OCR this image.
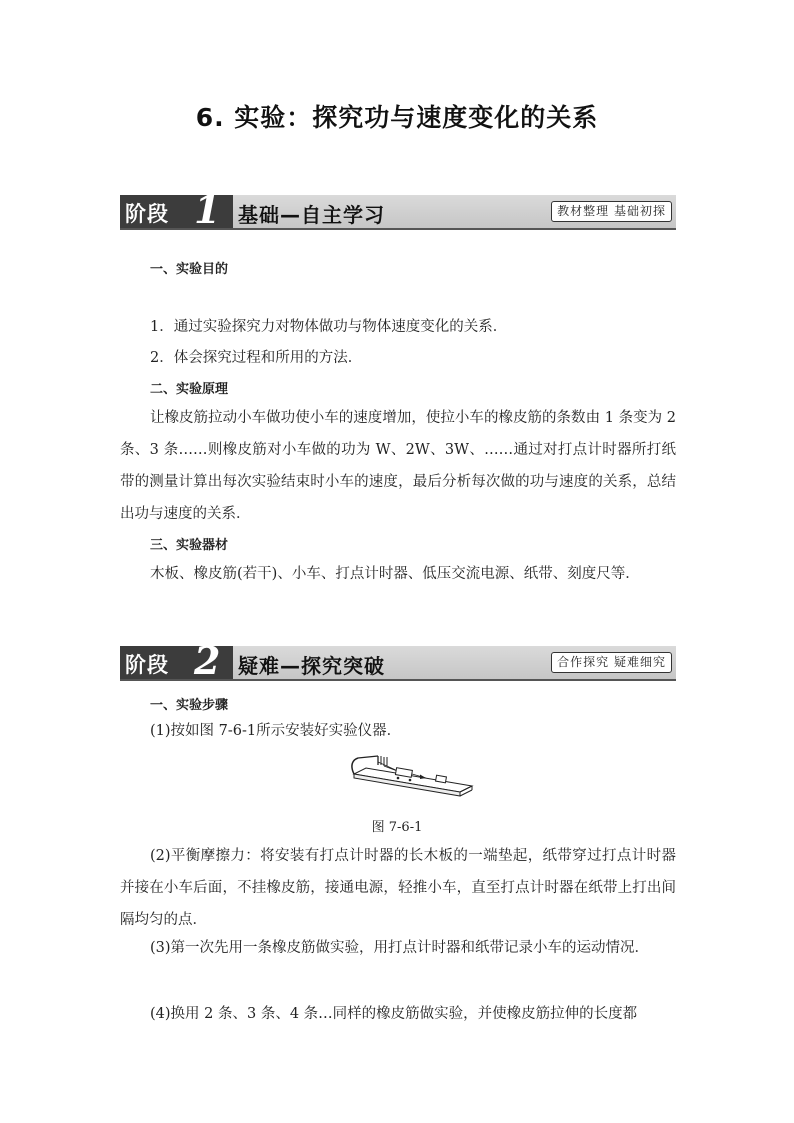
6. 实验：探究功与速度变化的关系
阶段 1 基础—自主学习	教材整理 基础初探
一、实验目的
1．通过实验探究力对物体做功与物体速度变化的关系．
2．体会探究过程和所用的方法．
二、实验原理
让橡皮筋拉动小车做功使小车的速度增加，使拉小车的橡皮筋的条数由 1 条变为 2 条、3 条……则橡皮筋对小车做的功为 W、2W、3W、……通过对打点计时器所打纸带的测量计算出每次实验结束时小车的速度，最后分析每次做的功与速度的关系，总结出功与速度的关系．
三、实验器材
木板、橡皮筋(若干)、小车、打点计时器、低压交流电源、纸带、刻度尺等．
阶段 2 疑难—探究突破	合作探究 疑难细究
一、实验步骤
(1)按如图 7-6-1所示安装好实验仪器．
图 7-6-1
(2)平衡摩擦力：将安装有打点计时器的长木板的一端垫起，纸带穿过打点计时器并接在小车后面，不挂橡皮筋，接通电源，轻推小车，直至打点计时器在纸带上打出间隔均匀的点．
(3)第一次先用一条橡皮筋做实验，用打点计时器和纸带记录小车的运动情况．
(4)换用 2 条、3 条、4 条…同样的橡皮筋做实验，并使橡皮筋拉伸的长度都
